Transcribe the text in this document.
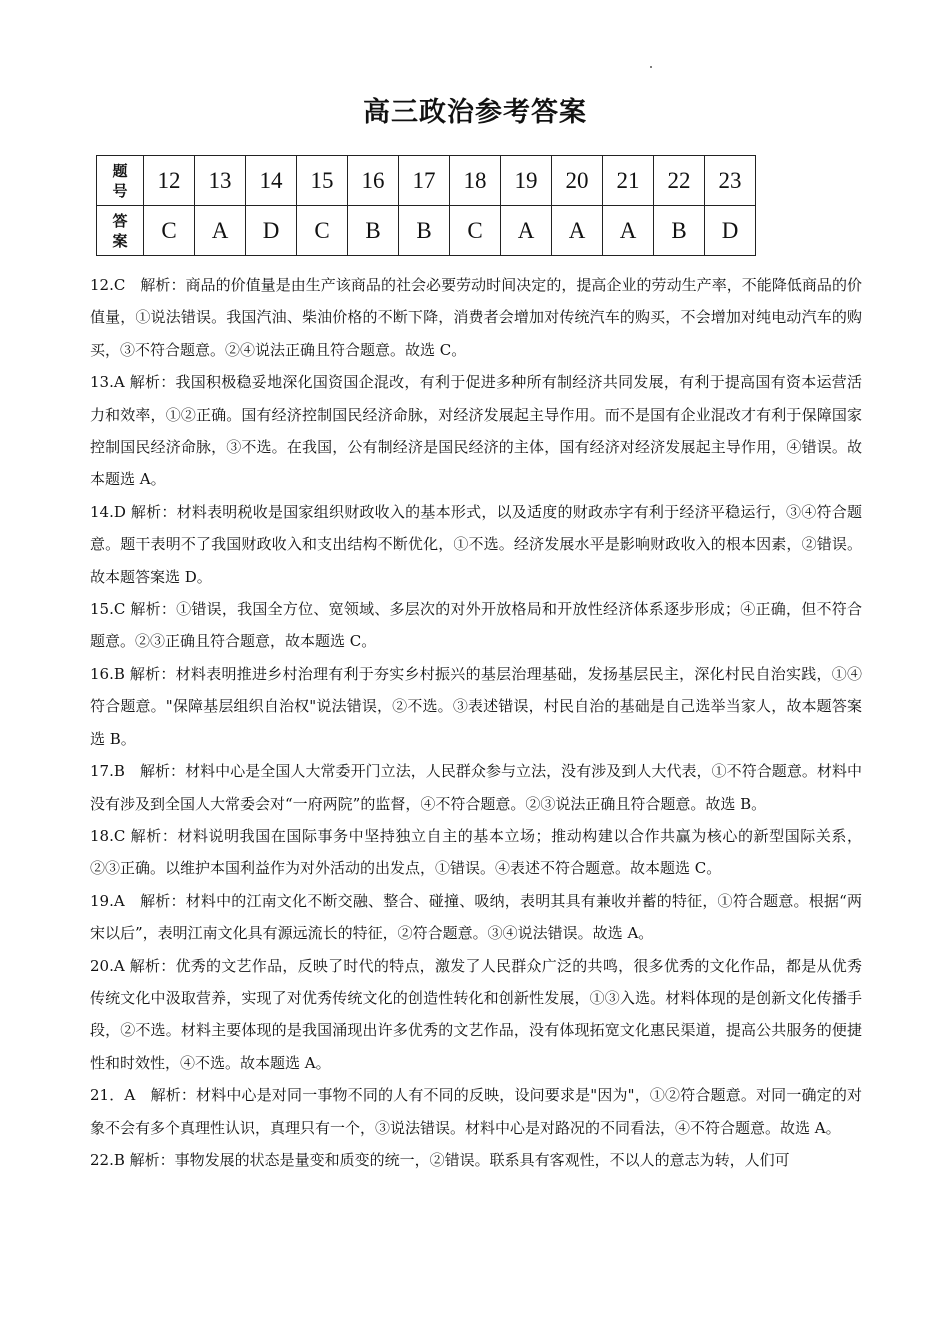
高三政治参考答案
题
号	12	13	14	15	16	17	18	19	20	21	22	23

答
案	C	A	D	C	B	B	C	A	A	A	B	D

12.C　解析：商品的价值量是由生产该商品的社会必要劳动时间决定的，提高企业的劳动生产率，不能降低商品的价值量，①说法错误。我国汽油、柴油价格的不断下降，消费者会增加对传统汽车的购买，不会增加对纯电动汽车的购买，③不符合题意。②④说法正确且符合题意。故选 C。

13.A 解析：我国积极稳妥地深化国资国企混改，有利于促进多种所有制经济共同发展，有利于提高国有资本运营活力和效率，①②正确。国有经济控制国民经济命脉，对经济发展起主导作用。而不是国有企业混改才有利于保障国家控制国民经济命脉，③不选。在我国，公有制经济是国民经济的主体，国有经济对经济发展起主导作用，④错误。故本题选 A。

14.D 解析：材料表明税收是国家组织财政收入的基本形式，以及适度的财政赤字有利于经济平稳运行，③④符合题意。题干表明不了我国财政收入和支出结构不断优化，①不选。经济发展水平是影响财政收入的根本因素，②错误。故本题答案选 D。

15.C 解析：①错误，我国全方位、宽领域、多层次的对外开放格局和开放性经济体系逐步形成；④正确，但不符合题意。②③正确且符合题意，故本题选 C。

16.B 解析：材料表明推进乡村治理有利于夯实乡村振兴的基层治理基础，发扬基层民主，深化村民自治实践，①④符合题意。"保障基层组织自治权"说法错误，②不选。③表述错误，村民自治的基础是自己选举当家人，故本题答案选 B。

17.B　解析：材料中心是全国人大常委开门立法，人民群众参与立法，没有涉及到人大代表，①不符合题意。材料中没有涉及到全国人大常委会对“一府两院”的监督，④不符合题意。②③说法正确且符合题意。故选 B。

18.C 解析：材料说明我国在国际事务中坚持独立自主的基本立场；推动构建以合作共赢为核心的新型国际关系，②③正确。以维护本国利益作为对外活动的出发点，①错误。④表述不符合题意。故本题选 C。

19.A　解析：材料中的江南文化不断交融、整合、碰撞、吸纳，表明其具有兼收并蓄的特征，①符合题意。根据“两宋以后”，表明江南文化具有源远流长的特征，②符合题意。③④说法错误。故选 A。

20.A 解析：优秀的文艺作品，反映了时代的特点，激发了人民群众广泛的共鸣，很多优秀的文化作品，都是从优秀传统文化中汲取营养，实现了对优秀传统文化的创造性转化和创新性发展，①③入选。材料体现的是创新文化传播手段，②不选。材料主要体现的是我国涌现出许多优秀的文艺作品，没有体现拓宽文化惠民渠道，提高公共服务的便捷性和时效性，④不选。故本题选 A。

21．A　解析：材料中心是对同一事物不同的人有不同的反映，设问要求是"因为"，①②符合题意。对同一确定的对象不会有多个真理性认识，真理只有一个，③说法错误。材料中心是对路况的不同看法，④不符合题意。故选 A。

22.B 解析：事物发展的状态是量变和质变的统一，②错误。联系具有客观性，不以人的意志为转，人们可
